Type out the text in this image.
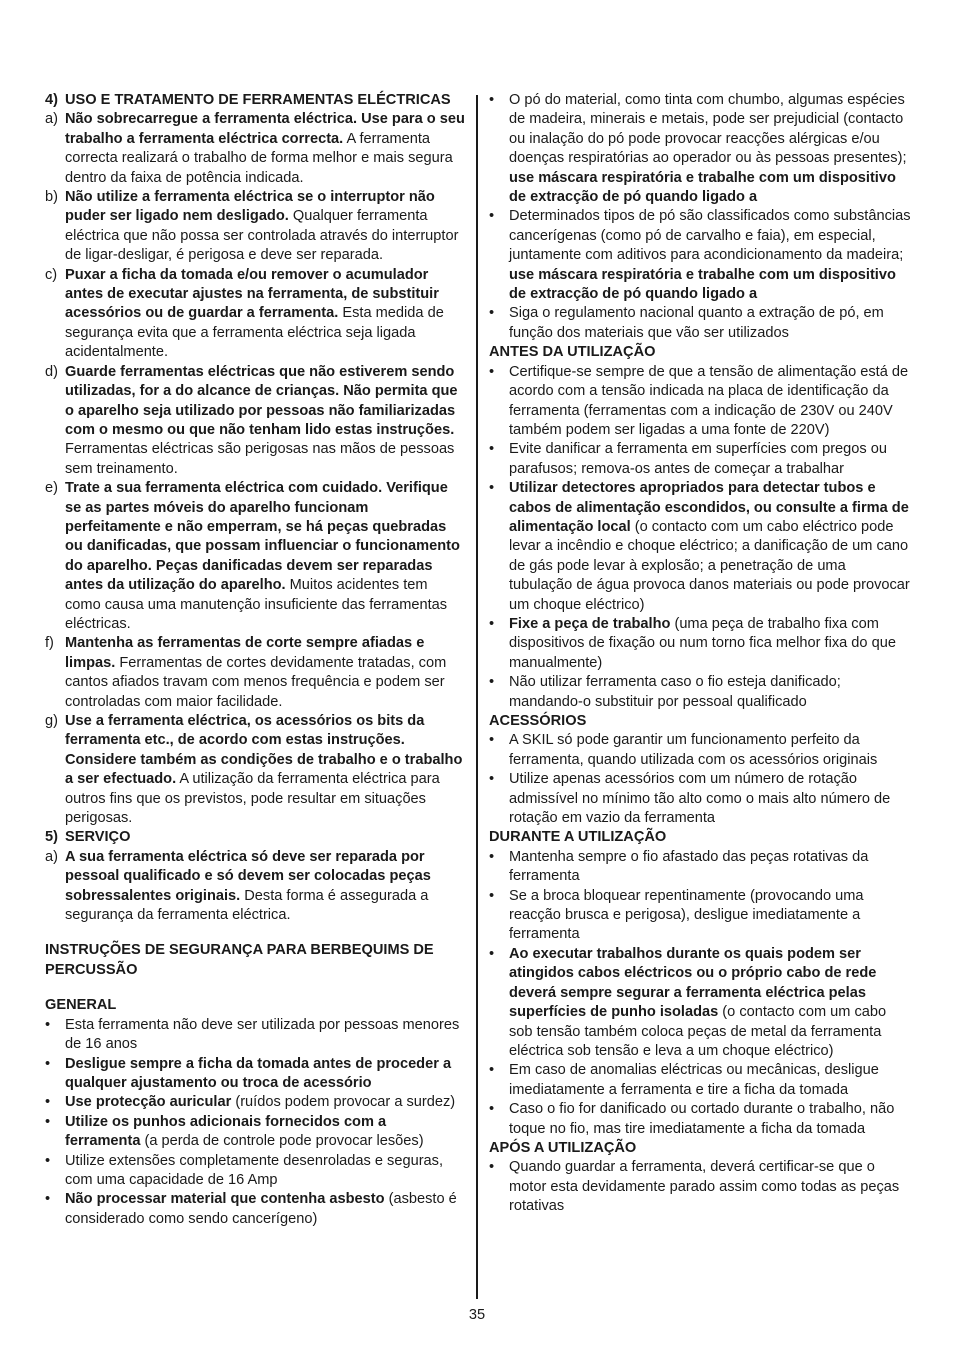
4) USO E TRATAMENTO DE FERRAMENTAS ELÉCTRICAS
a) Não sobrecarregue a ferramenta eléctrica. Use para o seu trabalho a ferramenta eléctrica correcta. A ferramenta correcta realizará o trabalho de forma melhor e mais segura dentro da faixa de potência indicada.
b) Não utilize a ferramenta eléctrica se o interruptor não puder ser ligado nem desligado. Qualquer ferramenta eléctrica que não possa ser controlada através do interruptor de ligar-desligar, é perigosa e deve ser reparada.
c) Puxar a ficha da tomada e/ou remover o acumulador antes de executar ajustes na ferramenta, de substituir acessórios ou de guardar a ferramenta. Esta medida de segurança evita que a ferramenta eléctrica seja ligada acidentalmente.
d) Guarde ferramentas eléctricas que não estiverem sendo utilizadas, for a do alcance de crianças. Não permita que o aparelho seja utilizado por pessoas não familiarizadas com o mesmo ou que não tenham lido estas instruções. Ferramentas eléctricas são perigosas nas mãos de pessoas sem treinamento.
e) Trate a sua ferramenta eléctrica com cuidado. Verifique se as partes móveis do aparelho funcionam perfeitamente e não emperram, se há peças quebradas ou danificadas, que possam influenciar o funcionamento do aparelho. Peças danificadas devem ser reparadas antes da utilização do aparelho. Muitos acidentes tem como causa uma manutenção insuficiente das ferramentas eléctricas.
f) Mantenha as ferramentas de corte sempre afiadas e limpas. Ferramentas de cortes devidamente tratadas, com cantos afiados travam com menos frequência e podem ser controladas com maior facilidade.
g) Use a ferramenta eléctrica, os acessórios os bits da ferramenta etc., de acordo com estas instruções. Considere também as condições de trabalho e o trabalho a ser efectuado. A utilização da ferramenta eléctrica para outros fins que os previstos, pode resultar em situações perigosas.
5) SERVIÇO
a) A sua ferramenta eléctrica só deve ser reparada por pessoal qualificado e só devem ser colocadas peças sobressalentes originais. Desta forma é assegurada a segurança da ferramenta eléctrica.
INSTRUÇÕES DE SEGURANÇA PARA BERBEQUIMS DE PERCUSSÃO
GENERAL
•	Esta ferramenta não deve ser utilizada por pessoas menores de 16 anos
•	Desligue sempre a ficha da tomada antes de proceder a qualquer ajustamento ou troca de acessório
•	Use protecção auricular (ruídos podem provocar a surdez)
•	Utilize os punhos adicionais fornecidos com a ferramenta (a perda de controle pode provocar lesões)
•	Utilize extensões completamente desenroladas e seguras, com uma capacidade de 16 Amp
•	Não processar material que contenha asbesto (asbesto é considerado como sendo cancerígeno)
•	O pó do material, como tinta com chumbo, algumas espécies de madeira, minerais e metais, pode ser prejudicial (contacto ou inalação do pó pode provocar reacções alérgicas e/ou doenças respiratórias ao operador ou às pessoas presentes); use máscara respiratória e trabalhe com um dispositivo de extracção de pó quando ligado a
•	Determinados tipos de pó são classificados como substâncias cancerígenas (como pó de carvalho e faia), em especial, juntamente com aditivos para acondicionamento da madeira; use máscara respiratória e trabalhe com um dispositivo de extracção de pó quando ligado a
•	Siga o regulamento nacional quanto a extração de pó, em função dos materiais que vão ser utilizados
ANTES DA UTILIZAÇÃO
•	Certifique-se sempre de que a tensão de alimentação está de acordo com a tensão indicada na placa de identificação da ferramenta (ferramentas com a indicação de 230V ou 240V também podem ser ligadas a uma fonte de 220V)
•	Evite danificar a ferramenta em superfícies com pregos ou parafusos; remova-os antes de começar a trabalhar
•	Utilizar detectores apropriados para detectar tubos e cabos de alimentação escondidos, ou consulte a firma de alimentação local (o contacto com um cabo eléctrico pode levar a incêndio e choque eléctrico; a danificação de um cano de gás pode levar à explosão; a penetração de uma tubulação de água provoca danos materiais ou pode provocar um choque eléctrico)
•	Fixe a peça de trabalho (uma peça de trabalho fixa com dispositivos de fixação ou num torno fica melhor fixa do que manualmente)
•	Não utilizar ferramenta caso o fio esteja danificado; mandando-o substituir por pessoal qualificado
ACESSÓRIOS
•	A SKIL só pode garantir um funcionamento perfeito da ferramenta, quando utilizada com os acessórios originais
•	Utilize apenas acessórios com um número de rotação admissível no mínimo tão alto como o mais alto número de rotação em vazio da ferramenta
DURANTE A UTILIZAÇÃO
•	Mantenha sempre o fio afastado das peças rotativas da ferramenta
•	Se a broca bloquear repentinamente (provocando uma reacção brusca e perigosa), desligue imediatamente a ferramenta
•	Ao executar trabalhos durante os quais podem ser atingidos cabos eléctricos ou o próprio cabo de rede deverá sempre segurar a ferramenta eléctrica pelas superfícies de punho isoladas (o contacto com um cabo sob tensão também coloca peças de metal da ferramenta eléctrica sob tensão e leva a um choque eléctrico)
•	Em caso de anomalias eléctricas ou mecânicas, desligue imediatamente a ferramenta e tire a ficha da tomada
•	Caso o fio for danificado ou cortado durante o trabalho, não toque no fio, mas tire imediatamente a ficha da tomada
APÓS A UTILIZAÇÃO
•	Quando guardar a ferramenta, deverá certificar-se que o motor esta devidamente parado assim como todas as peças rotativas
35
